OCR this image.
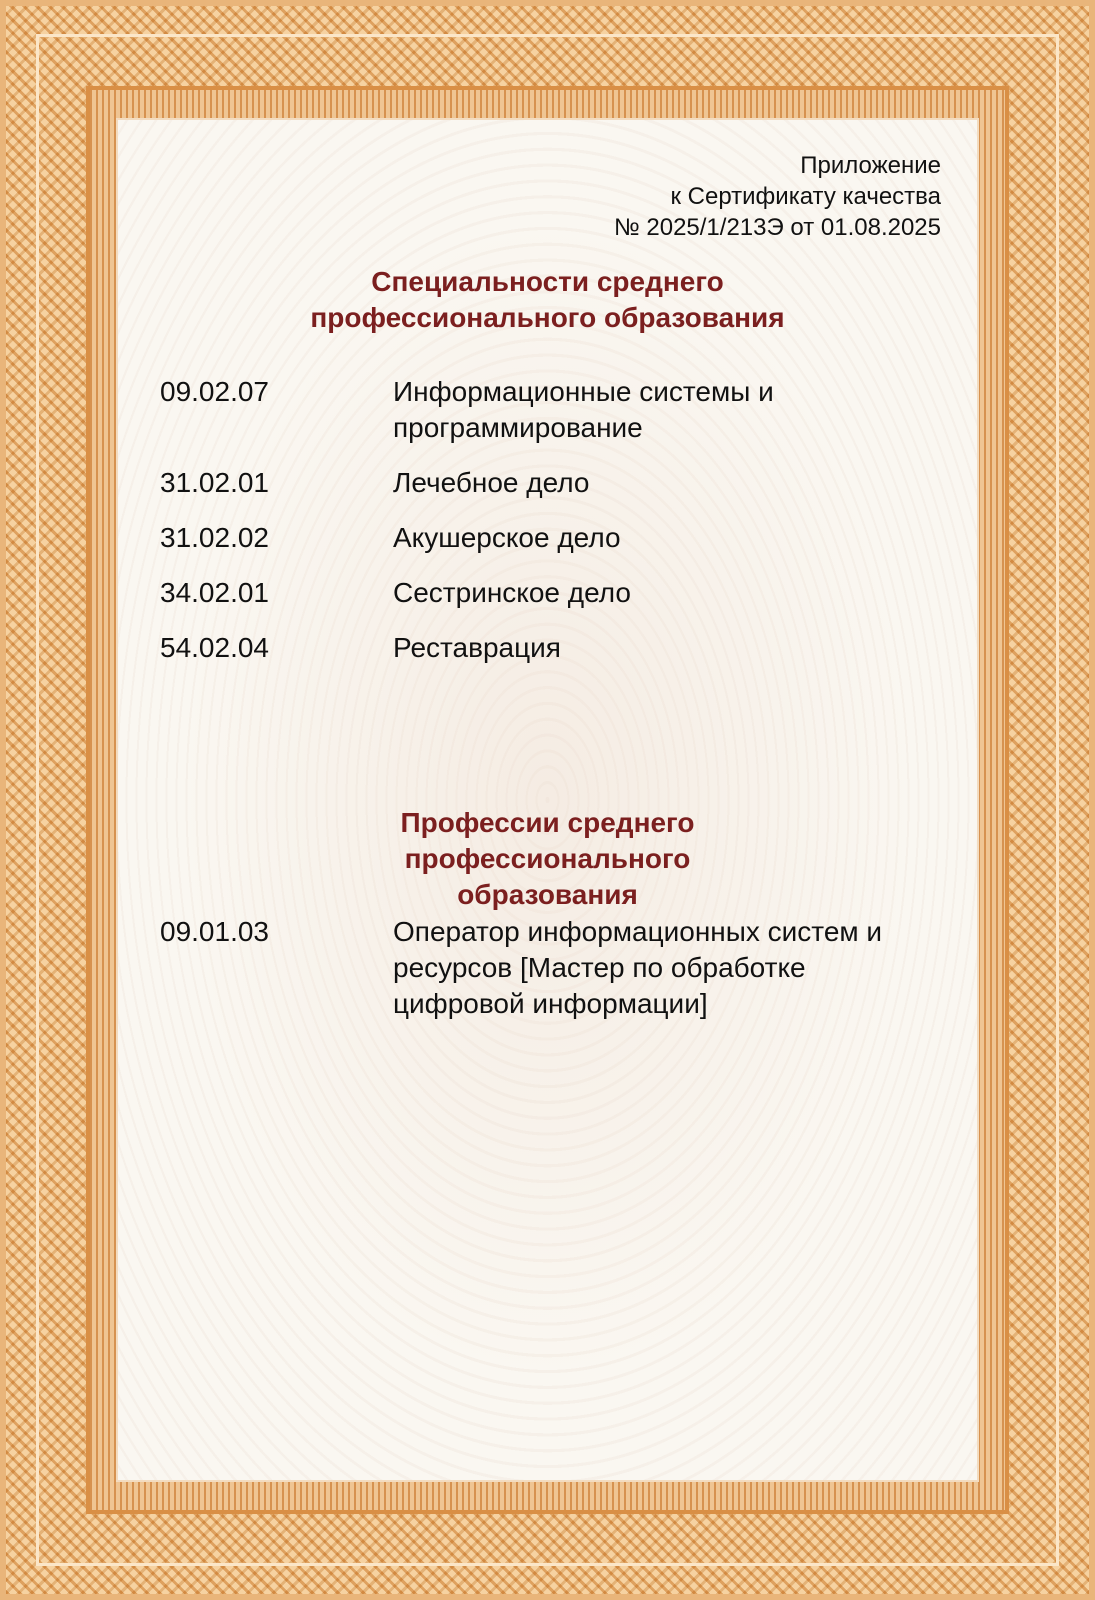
Приложение
к Сертификату качества
№ 2025/1/213Э от 01.08.2025
Специальности среднего профессионального образования
09.02.07	Информационные системы и программирование
31.02.01	Лечебное дело
31.02.02	Акушерское дело
34.02.01	Сестринское дело
54.02.04	Реставрация
Профессии среднего профессионального образования
09.01.03	Оператор информационных систем и ресурсов [Мастер по обработке цифровой информации]
